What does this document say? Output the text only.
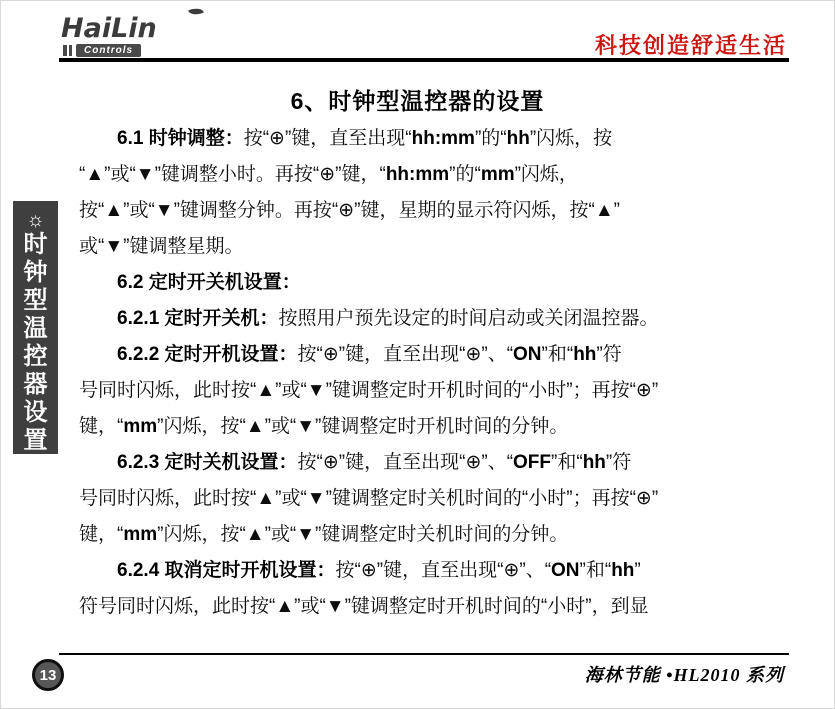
HaiLin
Controls	科技创造舒适生活
6、时钟型温控器的设置
☼
时
钟
型
温
控
器
设
置
6.1 时钟调整：按“⊕”键，直至出现“hh:mm”的“hh”闪烁，按
“▲”或“▼”键调整小时。再按“⊕”键，“hh:mm”的“mm”闪烁，
按“▲”或“▼”键调整分钟。再按“⊕”键，星期的显示符闪烁，按“▲”
或“▼”键调整星期。
6.2 定时开关机设置：
6.2.1 定时开关机：按照用户预先设定的时间启动或关闭温控器。
6.2.2 定时开机设置：按“⊕”键，直至出现“⊕”、“ON”和“hh”符
号同时闪烁，此时按“▲”或“▼”键调整定时开机时间的“小时”；再按“⊕”
键，“mm”闪烁，按“▲”或“▼”键调整定时开机时间的分钟。
6.2.3 定时关机设置：按“⊕”键，直至出现“⊕”、“OFF”和“hh”符
号同时闪烁，此时按“▲”或“▼”键调整定时关机时间的“小时”；再按“⊕”
键，“mm”闪烁，按“▲”或“▼”键调整定时关机时间的分钟。
6.2.4 取消定时开机设置：按“⊕”键，直至出现“⊕”、“ON”和“hh”
符号同时闪烁，此时按“▲”或“▼”键调整定时开机时间的“小时”，到显
13	海林节能 •HL2010 系列
